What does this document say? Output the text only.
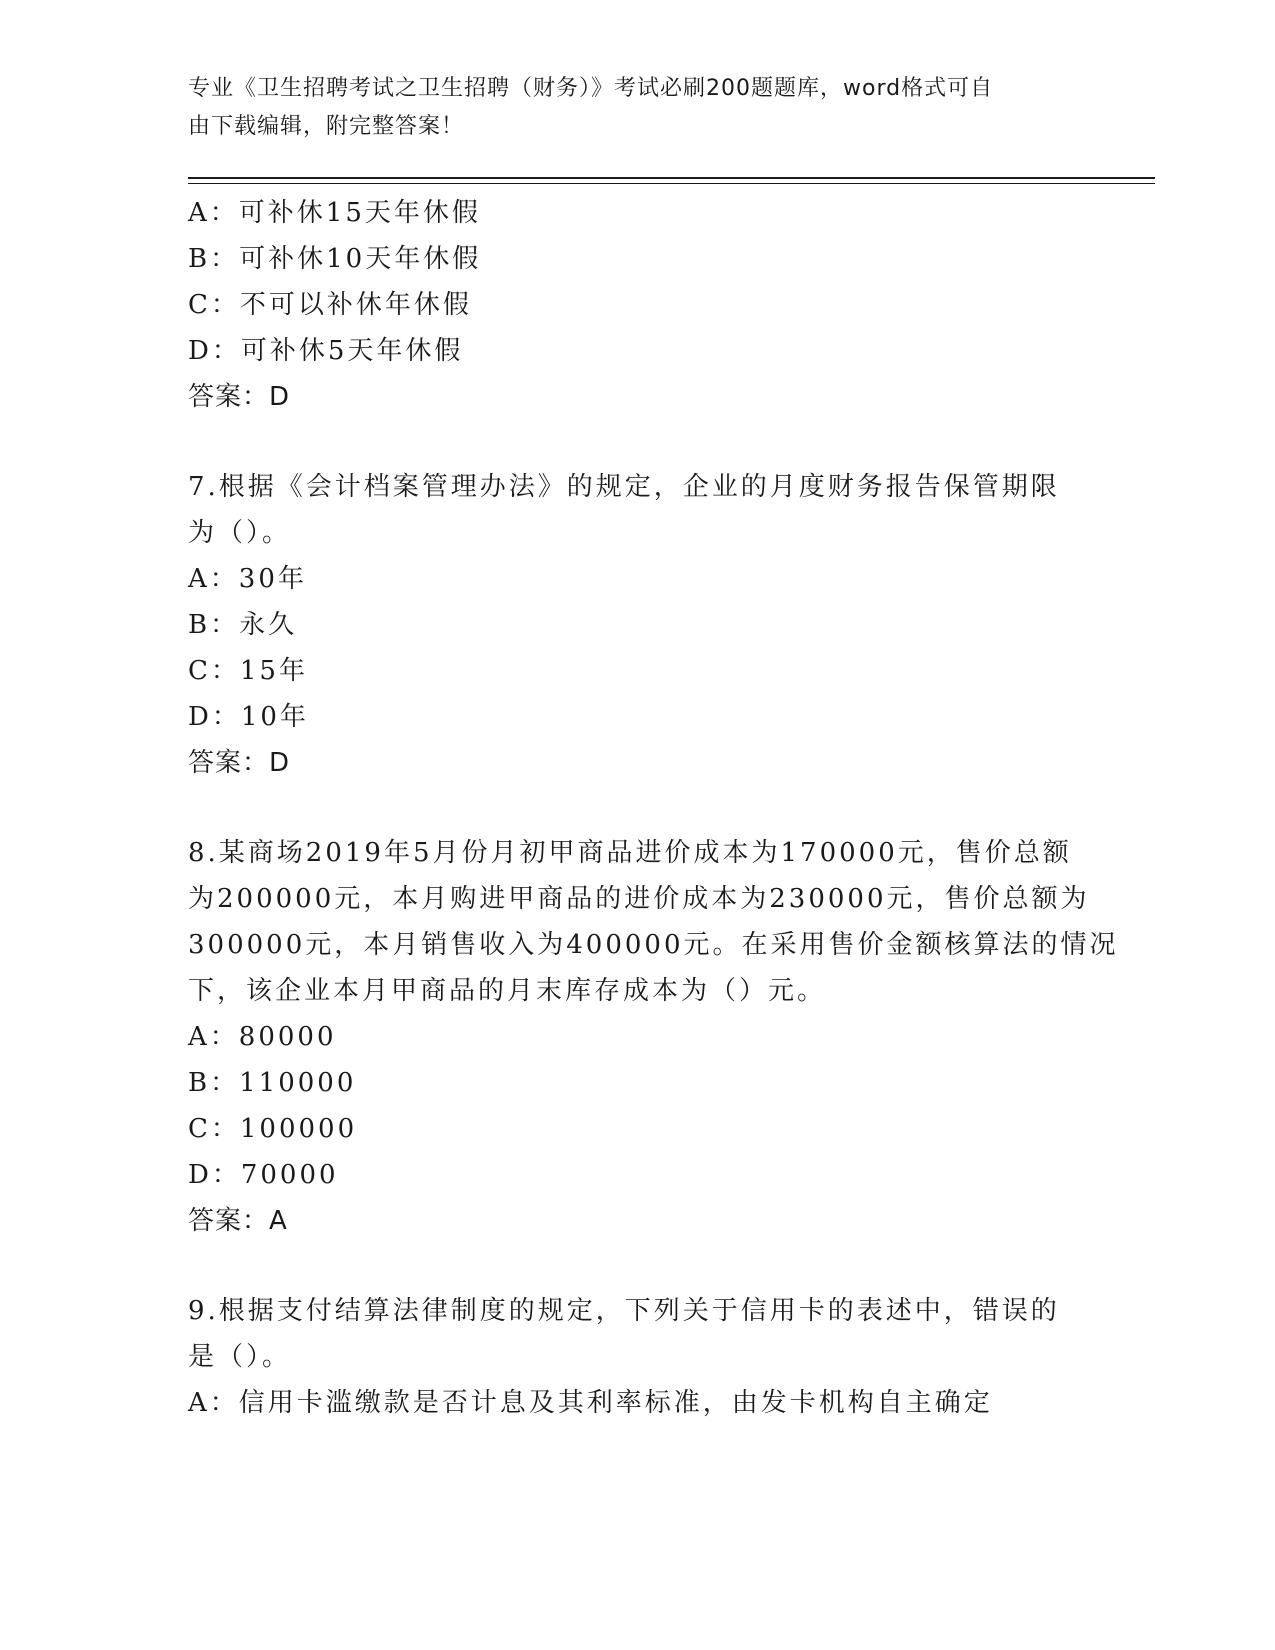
专业《卫生招聘考试之卫生招聘（财务）》考试必刷200题题库，word格式可自
由下载编辑，附完整答案！
A：可补休15天年休假
B：可补休10天年休假
C：不可以补休年休假
D：可补休5天年休假
答案：D
7.根据《会计档案管理办法》的规定，企业的月度财务报告保管期限
为（）。
A：30年
B：永久
C：15年
D：10年
答案：D
8.某商场2019年5月份月初甲商品进价成本为170000元，售价总额
为200000元，本月购进甲商品的进价成本为230000元，售价总额为
300000元，本月销售收入为400000元。在采用售价金额核算法的情况
下，该企业本月甲商品的月末库存成本为（）元。
A：80000
B：110000
C：100000
D：70000
答案：A
9.根据支付结算法律制度的规定，下列关于信用卡的表述中，错误的
是（）。
A：信用卡滥缴款是否计息及其利率标准，由发卡机构自主确定
